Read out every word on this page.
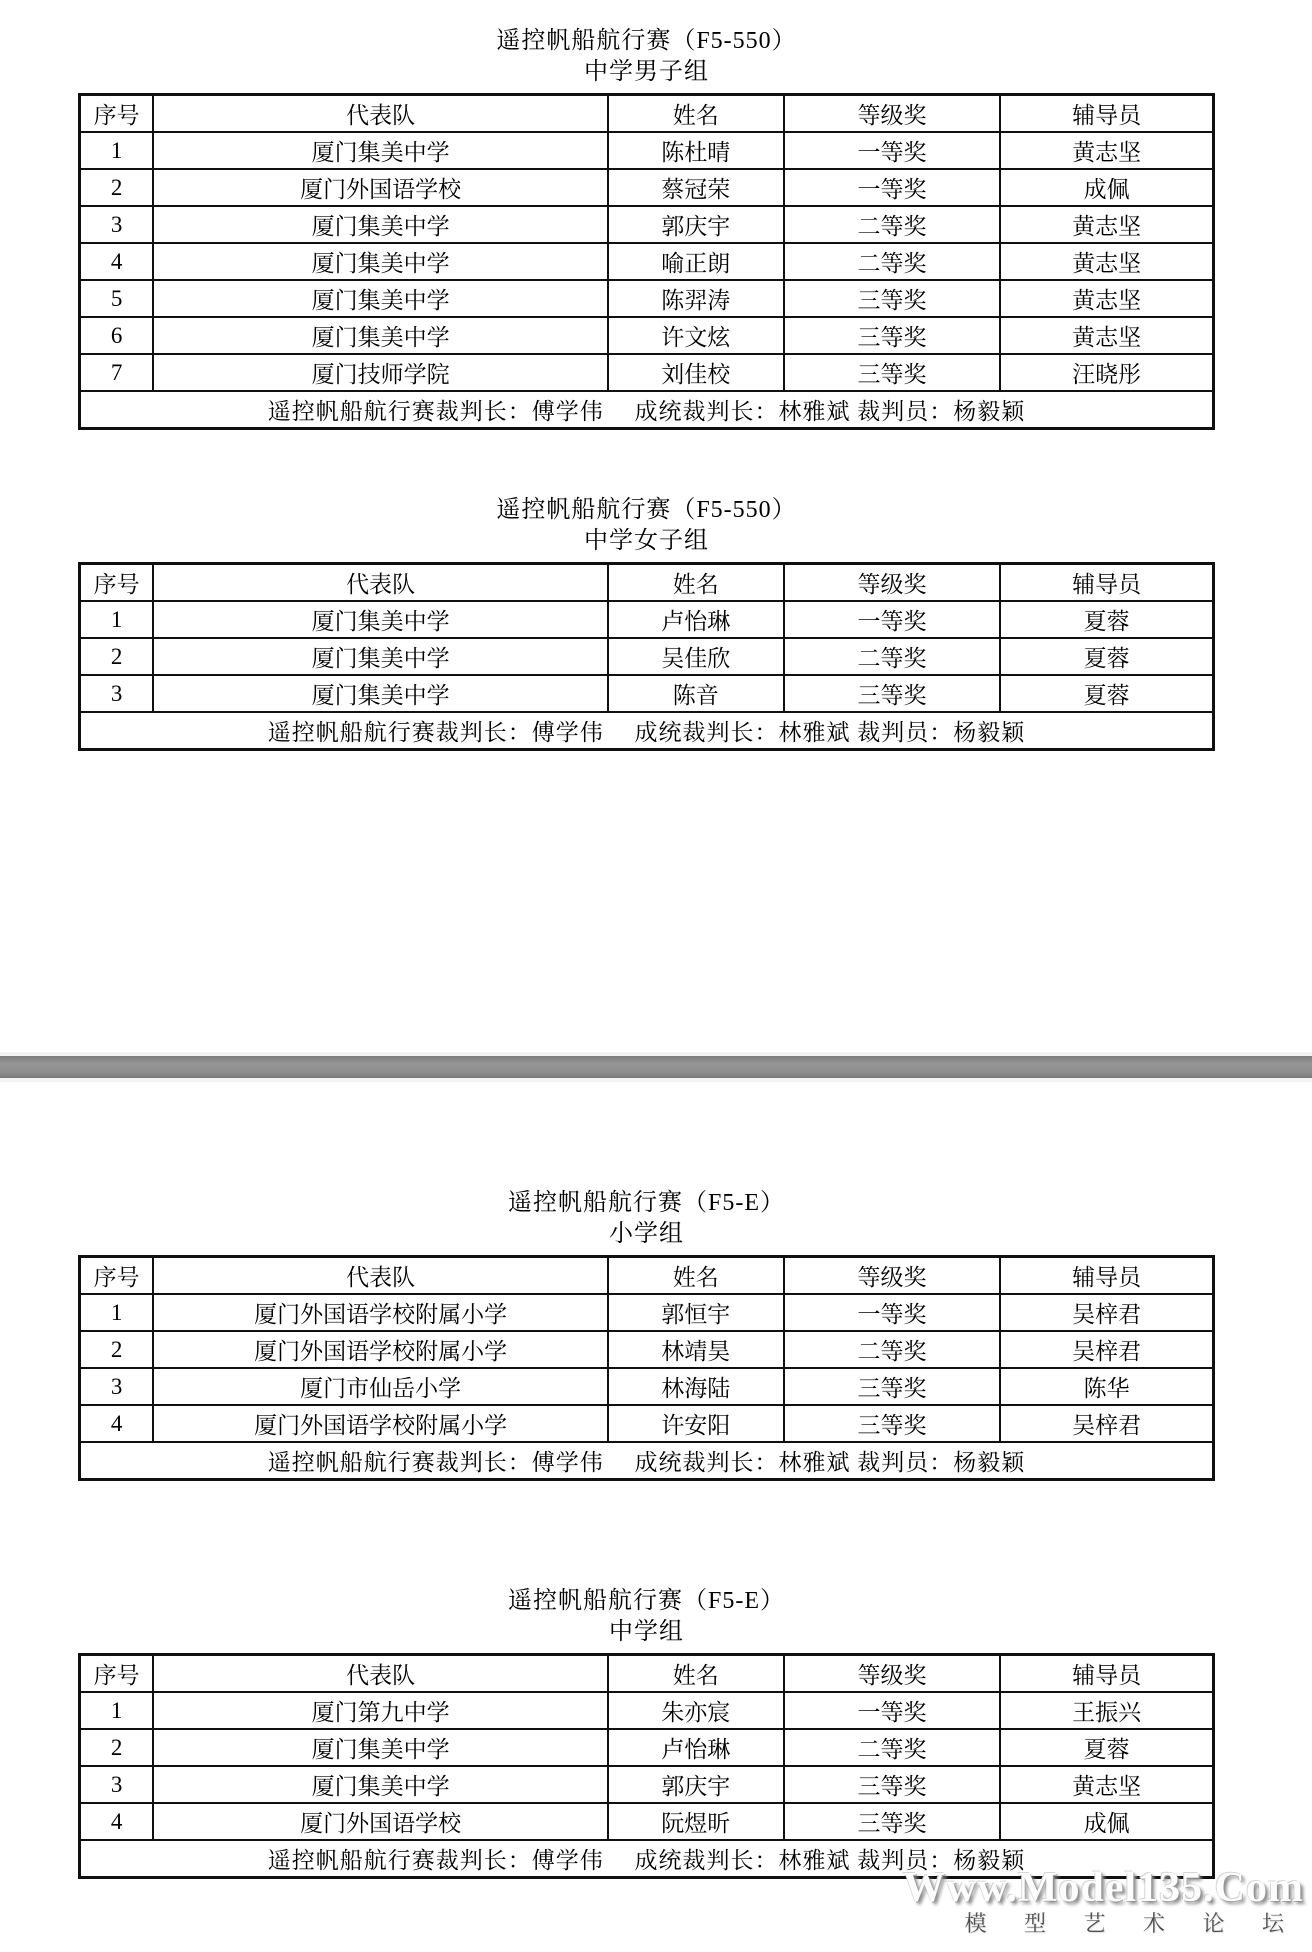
遥控帆船航行赛（F5-550）
中学男子组
序号	代表队	姓名	等级奖	辅导员
1	厦门集美中学	陈杜晴	一等奖	黄志坚
2	厦门外国语学校	蔡冠荣	一等奖	成佩
3	厦门集美中学	郭庆宇	二等奖	黄志坚
4	厦门集美中学	喻正朗	二等奖	黄志坚
5	厦门集美中学	陈羿涛	三等奖	黄志坚
6	厦门集美中学	许文炫	三等奖	黄志坚
7	厦门技师学院	刘佳校	三等奖	汪晓彤
遥控帆船航行赛裁判长：傅学伟　 成统裁判长：林雅斌 裁判员：杨毅颖				
遥控帆船航行赛（F5-550）
中学女子组
序号	代表队	姓名	等级奖	辅导员
1	厦门集美中学	卢怡琳	一等奖	夏蓉
2	厦门集美中学	吴佳欣	二等奖	夏蓉
3	厦门集美中学	陈音	三等奖	夏蓉
遥控帆船航行赛裁判长：傅学伟　 成统裁判长：林雅斌 裁判员：杨毅颖				
遥控帆船航行赛（F5-E）
小学组
序号	代表队	姓名	等级奖	辅导员
1	厦门外国语学校附属小学	郭恒宇	一等奖	吴梓君
2	厦门外国语学校附属小学	林靖昊	二等奖	吴梓君
3	厦门市仙岳小学	林海陆	三等奖	陈华
4	厦门外国语学校附属小学	许安阳	三等奖	吴梓君
遥控帆船航行赛裁判长：傅学伟　 成统裁判长：林雅斌 裁判员：杨毅颖				
遥控帆船航行赛（F5-E）
中学组
序号	代表队	姓名	等级奖	辅导员
1	厦门第九中学	朱亦宸	一等奖	王振兴
2	厦门集美中学	卢怡琳	二等奖	夏蓉
3	厦门集美中学	郭庆宇	三等奖	黄志坚
4	厦门外国语学校	阮煜昕	三等奖	成佩
遥控帆船航行赛裁判长：傅学伟　 成统裁判长：林雅斌 裁判员：杨毅颖				
Www.Model135.Com
模 型 艺 术 论 坛
